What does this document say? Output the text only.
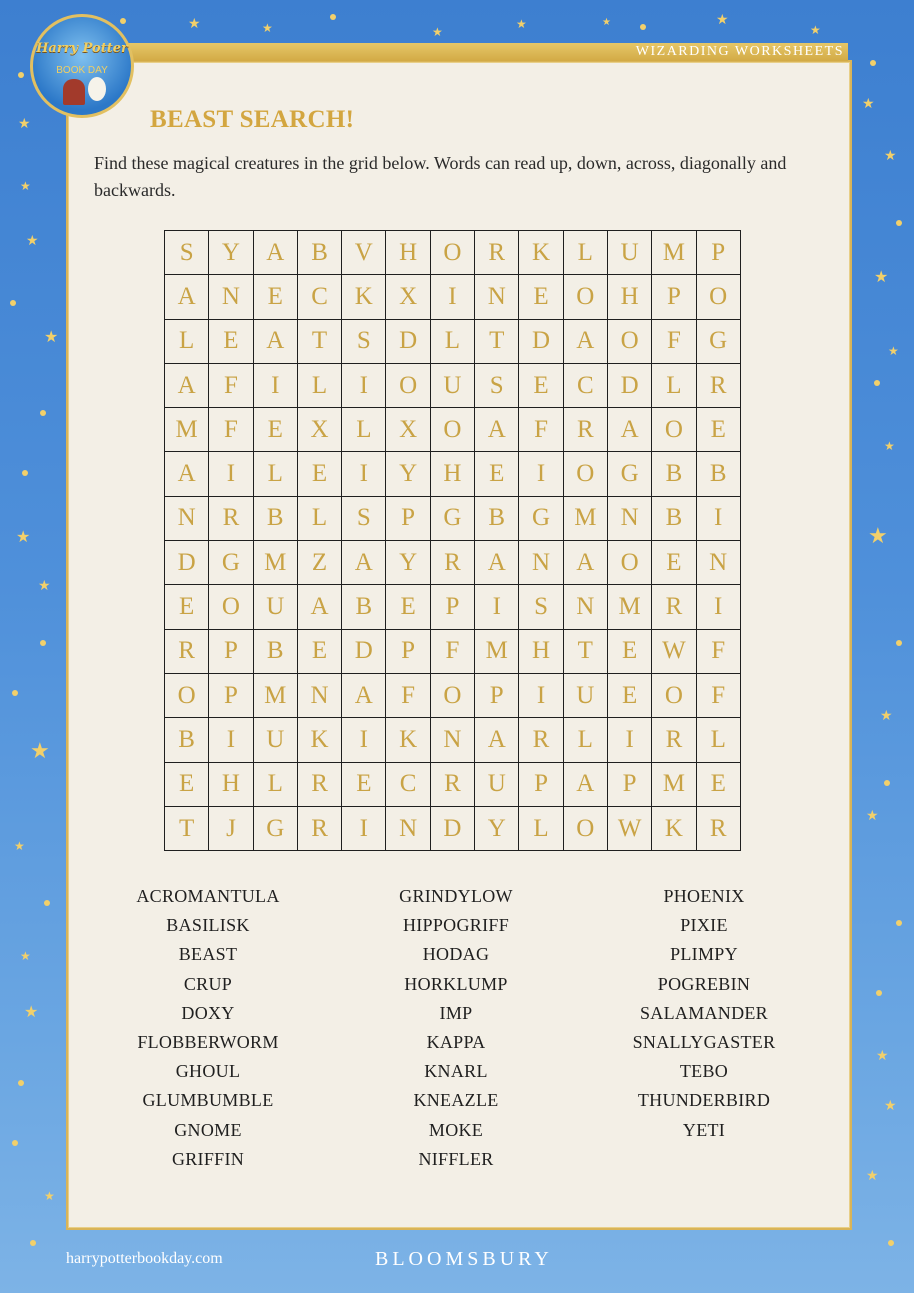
★
★
★
★
★
★
★
★
★
★
★
★	★	★
★	★	★
★
★
★
★
★
★
★
★
★
★
★
★
WIZARDING WORKSHEETS
Harry Potter
BOOK DAY
BEAST SEARCH!
Find these magical creatures in the grid below. Words can read up, down, across, diagonally and backwards.
S	Y	A	B	V	H	O	R	K	L	U M	P
A	N	E	C	K	X	I	N	E	O	H	P	O
L	E	A	T	S	D	L	T	D	A	O	F	G
A	F	I	L	I	O	U	S	E	C	D	L	R
M	F	E	X	L	X	O	A	F	R	A	O	E
A	I	L	E	I	Y	H	E	I	O	G	B	B
N	R	B	L	S	P	G	B	G M N	B	I
D	G M	Z	A	Y	R	A	N	A	O	E	N
E	O	U	A	B	E	P	I	S	N M R	I
R	P	B	E	D	P	F	M H	T	E W	F
O	P	M N	A	F	O	P	I	U	E	O	F
B	I	U	K	I	K	N	A	R	L	I	R	L
E	H	L	R	E	C	R	U	P	A	P	M	E
T	J	G	R	I	N	D	Y	L	O W K	R
ACROMANTULA
BASILISK
BEAST
CRUP
DOXY
FLOBBERWORM
GHOUL
GLUMBUMBLE
GNOME
GRIFFIN
GRINDYLOW
HIPPOGRIFF
HODAG
HORKLUMP
IMP
KAPPA
KNARL
KNEAZLE
MOKE
NIFFLER
PHOENIX
PIXIE
PLIMPY
POGREBIN
SALAMANDER
SNALLYGASTER
TEBO
THUNDERBIRD
YETI
harrypotterbookday.com	BLOOMSBURY
